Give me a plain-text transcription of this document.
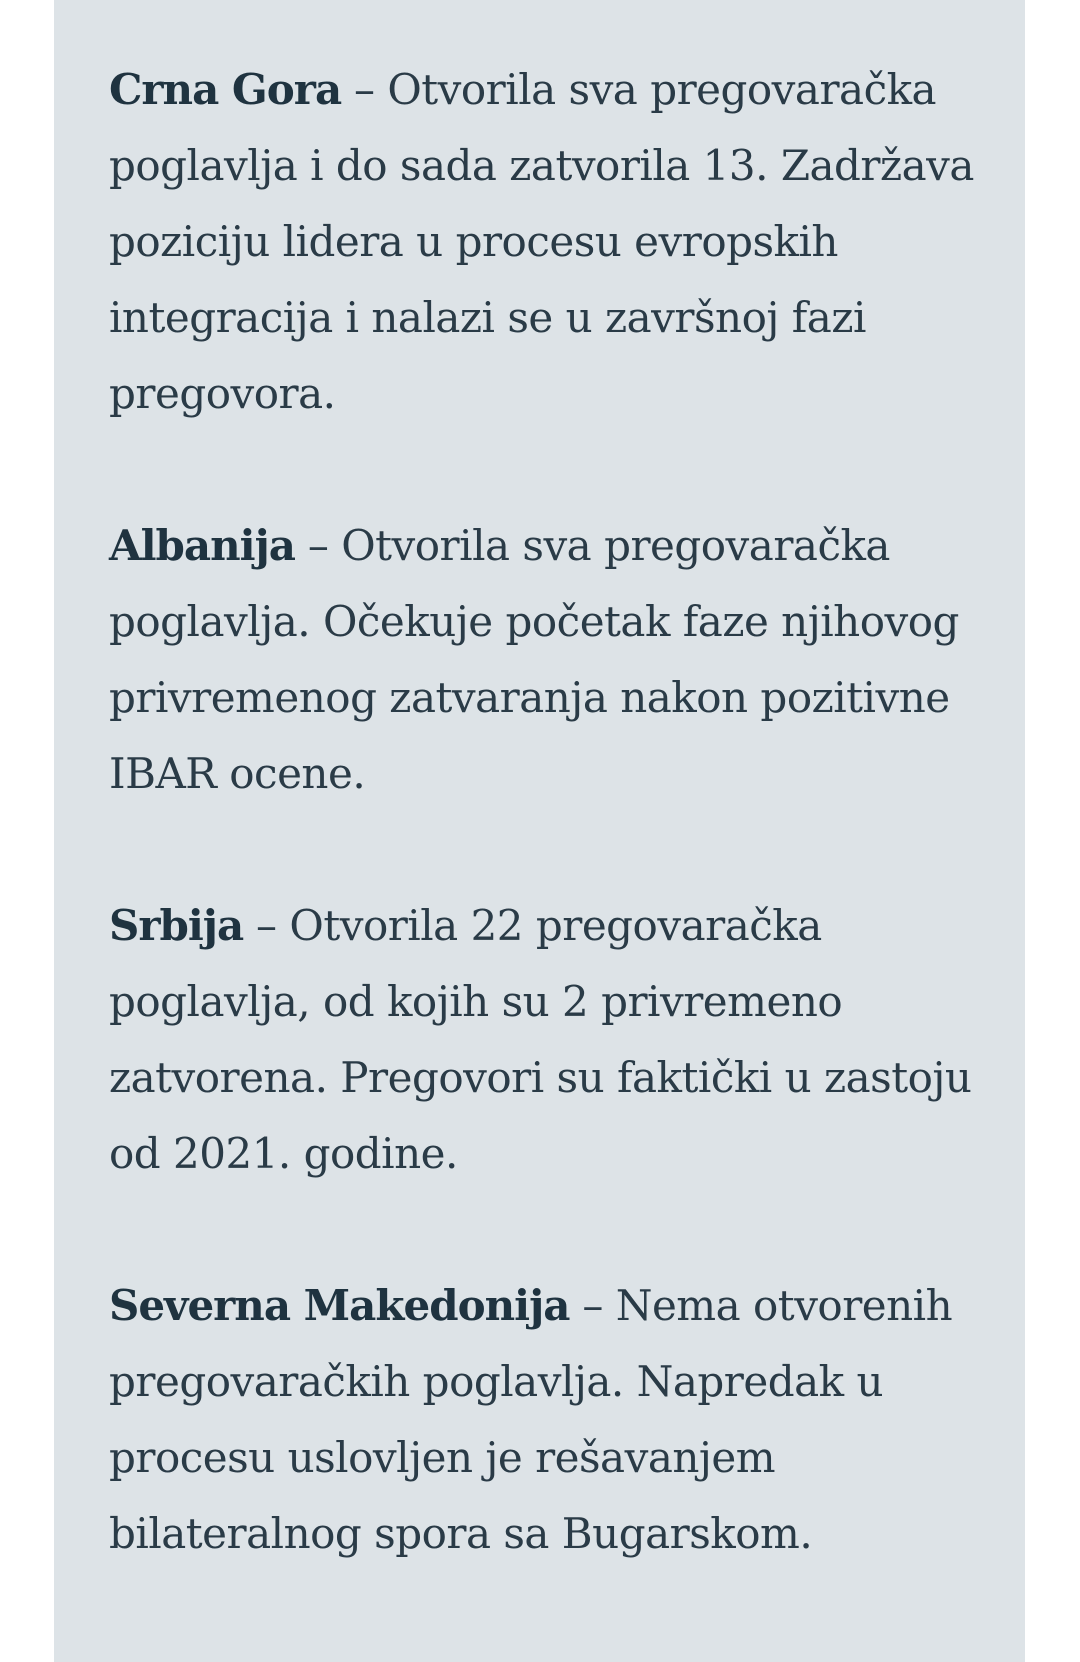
Crna Gora – Otvorila sva pregovaračka poglavlja i do sada zatvorila 13. Zadržava poziciju lidera u procesu evropskih integracija i nalazi se u završnoj fazi pregovora.

Albanija – Otvorila sva pregovaračka poglavlja. Očekuje početak faze njihovog privremenog zatvaranja nakon pozitivne IBAR ocene.

Srbija – Otvorila 22 pregovaračka poglavlja, od kojih su 2 privremeno zatvorena. Pregovori su faktički u zastoju od 2021. godine.

Severna Makedonija – Nema otvorenih pregovaračkih poglavlja. Napredak u procesu uslovljen je rešavanjem bilateralnog spora sa Bugarskom.
